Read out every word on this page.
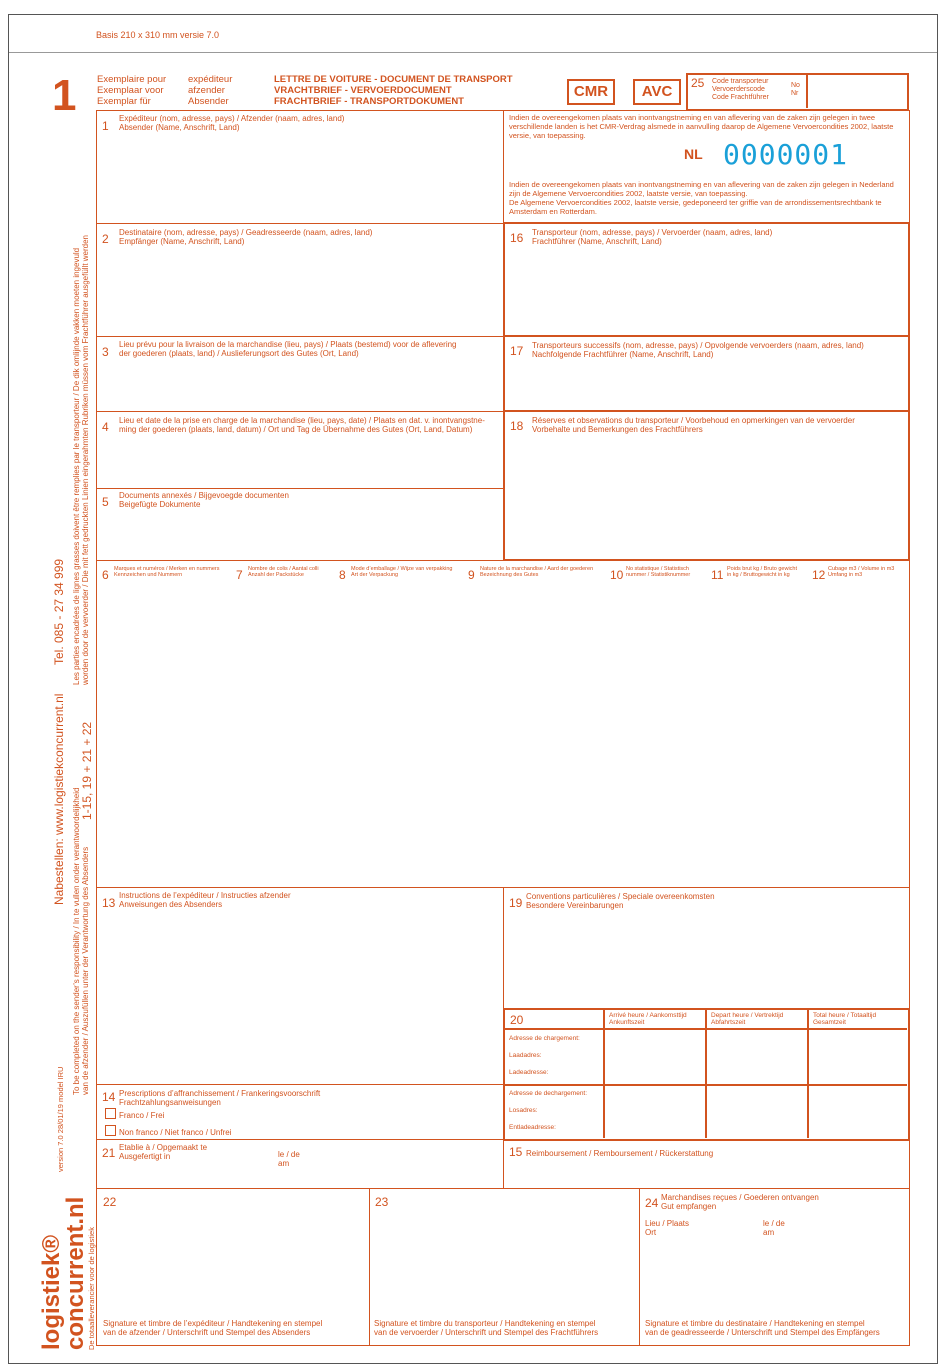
Basis 210 x 310 mm versie 7.0
1 Exemplaire pour
Exemplaar voor
Exemplar für
expéditeur
afzender
Absender
LETTRE DE VOITURE - DOCUMENT DE TRANSPORT
VRACHTBRIEF - VERVOERDOCUMENT
FRACHTBRIEF - TRANSPORTDOKUMENT
CMR	AVC	25 Code transporteur
Vervoerderscode
Code Frachtführer
No
Nr
1
Expéditeur (nom, adresse, pays) / Afzender (naam, adres, land)
Absender (Name, Anschrift, Land)
2 Destinataire (nom, adresse, pays) / Geadresseerde (naam, adres, land)
Empfänger (Name, Anschrift, Land)
3
Lieu prévu pour la livraison de la marchandise (lieu, pays) / Plaats (bestemd) voor de aflevering
der goederen (plaats, land) / Auslieferungsort des Gutes (Ort, Land)
4 Lieu et date de la prise en charge de la marchandise (lieu, pays, date) / Plaats en dat. v. inontvangstne-
ming der goederen (plaats, land, datum) / Ort und Tag de Übernahme des Gutes (Ort, Land, Datum)
5 Documents annexés / Bijgevoegde documenten
Beigefügte Dokumente
Indien de overeengekomen plaats van inontvangstneming en van aflevering van de zaken zijn gelegen in twee verschillende landen is het CMR-Verdrag alsmede in aanvulling daarop de Algemene Vervoercondities 2002, laatste versie, van toepassing.
Indien de overeengekomen plaats van inontvangstneming en van aflevering van de zaken zijn gelegen in Nederland zijn de Algemene Vervoercondities 2002, laatste versie, van toepassing.
De Algemene Vervoercondities 2002, laatste versie, gedeponeerd ter griffie van de arrondissementsrechtbank te Amsterdam en Rotterdam.
NL 0000001
16 Transporteur (nom, adresse, pays) / Vervoerder (naam, adres, land)
Frachtführer (Name, Anschrift, Land)
17 Transporteurs successifs (nom, adresse, pays) / Opvolgende vervoerders (naam, adres, land)
Nachfolgende Frachtführer (Name, Anschrift, Land)
18 Réserves et observations du transporteur / Voorbehoud en opmerkingen van de vervoerder
Vorbehalte und Bemerkungen des Frachtführers
6 Marques et numéros / Merken en nummers
Kennzeichen und Nummern	7 Nombre de colis / Aantal colli
Anzahl der Packstücke	8 Mode d’emballage / Wijze van verpakking
Art der Verpackung	9 Nature de la marchandise / Aard der goederen
Bezeichnung des Gutes	10 No statistique / Statistisch
nummer / Statistiknummer 11 Poids brut kg / Bruto gewicht
in kg / Bruttogewicht in kg	12 Cubage m3 / Volume in m3
Umfang in m3
13
Instructions de l’expéditeur / Instructies afzender
Anweisungen des Absenders	19 Conventions particulières / Speciale overeenkomsten
Besondere Vereinbarungen
20	Arrivé heure / Aankomsttijd
Ankunftszeit
Depart heure / Vertrektijd
Abfahrtszeit
Total heure / Totaaltijd
Gesamtzeit
Adresse de chargement:
Laadadres:
Ladeadresse:
Adresse de dechargement:
Losadres:
Entladeadresse:
14 Prescriptions d’affranchissement / Frankeringsvoorschrift
Frachtzahlungsanweisungen
Franco / Frei
Non franco / Niet franco / Unfrei
21 Etablie à / Opgemaakt te
Ausgefertigt in	le / de
am
15 Reimboursement / Remboursement / Rückerstattung
22
Signature et timbre de l’expéditeur / Handtekening en stempel
van de afzender / Unterschrift und Stempel des Absenders
23
Signature et timbre du transporteur / Handtekening en stempel
van de vervoerder / Unterschrift und Stempel des Frachtführers
24 Marchandises reçues / Goederen ontvangen
Gut empfangen
Lieu / Plaats
Ort
le / de
am
Signature et timbre du destinataire / Handtekening en stempel
van de geadresseerde / Unterschrift und Stempel des Empfängers
Nabestellen: www.logistiekconcurrent.nl
Tel. 085 - 27 34 999
1-15, 19 + 21 + 22
Les parties encadrées de lignes grasses doivent être remplies par le transporteur / De dik omlijnde vakken moeten ingevuld worden door de vervoerder / Die mit fett gedruckten Linien eingerahmten Rubriken müssen vom Frachtführer ausgefüllt werden
To be completed on the sender’s responsibility / In te vullen onder verantwoordelijkheid van de afzender / Auszufüllen unter der Verantwortung des Absenders
version 7.0 28/01/19 model IRU
logistiek®
concurrent.nl
De totaalleverancier voor de logistiek
